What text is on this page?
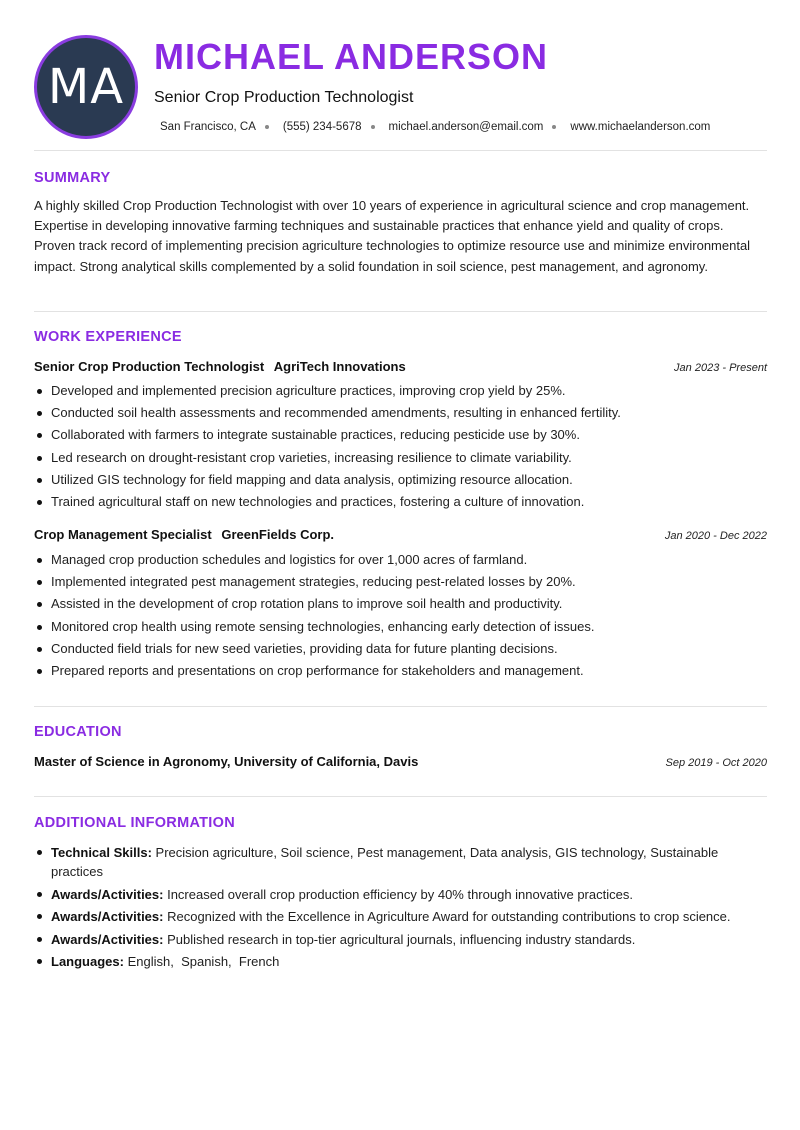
MA
MICHAEL ANDERSON
Senior Crop Production Technologist
San Francisco, CA (555) 234-5678 michael.anderson@email.com www.michaelanderson.com
SUMMARY
A highly skilled Crop Production Technologist with over 10 years of experience in agricultural science and crop management. Expertise in developing innovative farming techniques and sustainable practices that enhance yield and quality of crops. Proven track record of implementing precision agriculture technologies to optimize resource use and minimize environmental impact. Strong analytical skills complemented by a solid foundation in soil science, pest management, and agronomy.
WORK EXPERIENCE
Senior Crop Production Technologist AgriTech Innovations	Jan 2023 - Present
Developed and implemented precision agriculture practices, improving crop yield by 25%.
Conducted soil health assessments and recommended amendments, resulting in enhanced fertility.
Collaborated with farmers to integrate sustainable practices, reducing pesticide use by 30%.
Led research on drought-resistant crop varieties, increasing resilience to climate variability.
Utilized GIS technology for field mapping and data analysis, optimizing resource allocation.
Trained agricultural staff on new technologies and practices, fostering a culture of innovation.
Crop Management Specialist GreenFields Corp.	Jan 2020 - Dec 2022
Managed crop production schedules and logistics for over 1,000 acres of farmland.
Implemented integrated pest management strategies, reducing pest-related losses by 20%.
Assisted in the development of crop rotation plans to improve soil health and productivity.
Monitored crop health using remote sensing technologies, enhancing early detection of issues.
Conducted field trials for new seed varieties, providing data for future planting decisions.
Prepared reports and presentations on crop performance for stakeholders and management.
EDUCATION
Master of Science in Agronomy, University of California, Davis	Sep 2019 - Oct 2020
ADDITIONAL INFORMATION
Technical Skills: Precision agriculture, Soil science, Pest management, Data analysis, GIS technology, Sustainable practices
Awards/Activities: Increased overall crop production efficiency by 40% through innovative practices.
Awards/Activities: Recognized with the Excellence in Agriculture Award for outstanding contributions to crop science.
Awards/Activities: Published research in top-tier agricultural journals, influencing industry standards.
Languages: English,  Spanish,  French
